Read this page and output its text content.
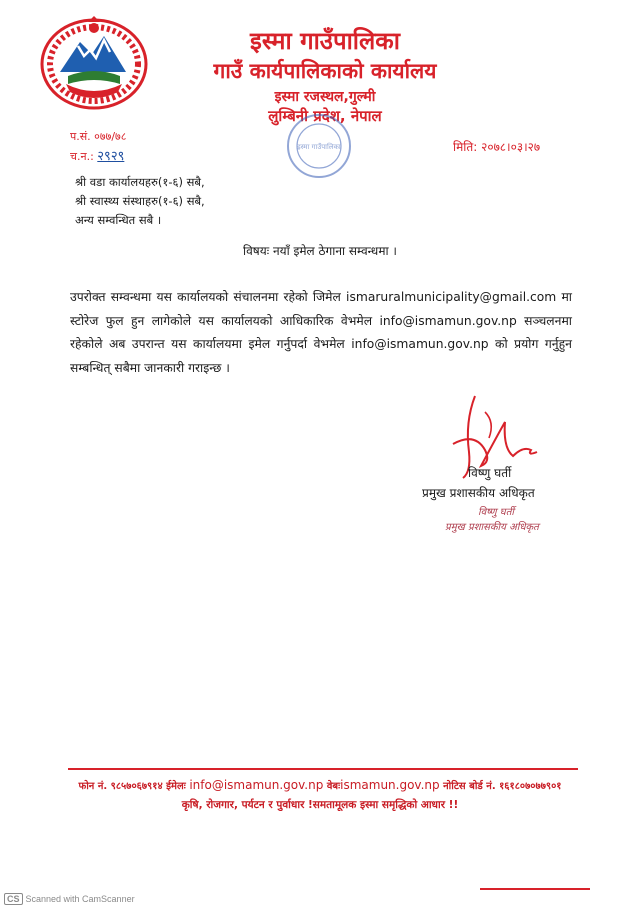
इस्मा गाउँपालिका
गाउँ कार्यपालिकाको कार्यालय
इस्मा रजस्थल,गुल्मी
लुम्बिनी प्रदेश, नेपाल
इस्मा गाउँपालिका
प.सं. ०७७/७८
च.न.: २९२९
मिति: २०७८।०३।२७
श्री वडा कार्यालयहरु(१-६) सबै,
श्री स्वास्थ्य संस्थाहरु(१-६) सबै,
अन्य सम्वन्धित सबै ।
विषयः नयाँ इमेल ठेगाना सम्वन्धमा ।
उपरोक्त सम्वन्धमा यस कार्यालयको संचालनमा रहेको जिमेल ismaruralmunicipality@gmail.com मा स्टोरेज फुल हुन लागेकोले यस कार्यालयको आधिकारिक वेभमेल info@ismamun.gov.np सञ्चलनमा रहेकोले अब उपरान्त यस कार्यालयमा इमेल गर्नुपर्दा वेभमेल info@ismamun.gov.np को प्रयोग गर्नुहुन सम्बन्धित् सबैमा जानकारी गराइन्छ ।
विष्णु घर्ती
प्रमुख प्रशासकीय अधिकृत
विष्णु घर्ती
प्रमुख प्रशासकीय अधिकृत
फोन नं. ९८५७०६७९१४ ईमेलः info@ismamun.gov.np वेबःismamun.gov.np नोटिस बोर्ड नं. १६१८०७०७७९०१
कृषि, रोजगार, पर्यटन र पुर्वाधार !समतामूलक इस्मा समृद्धिको आधार !!
CS Scanned with CamScanner
